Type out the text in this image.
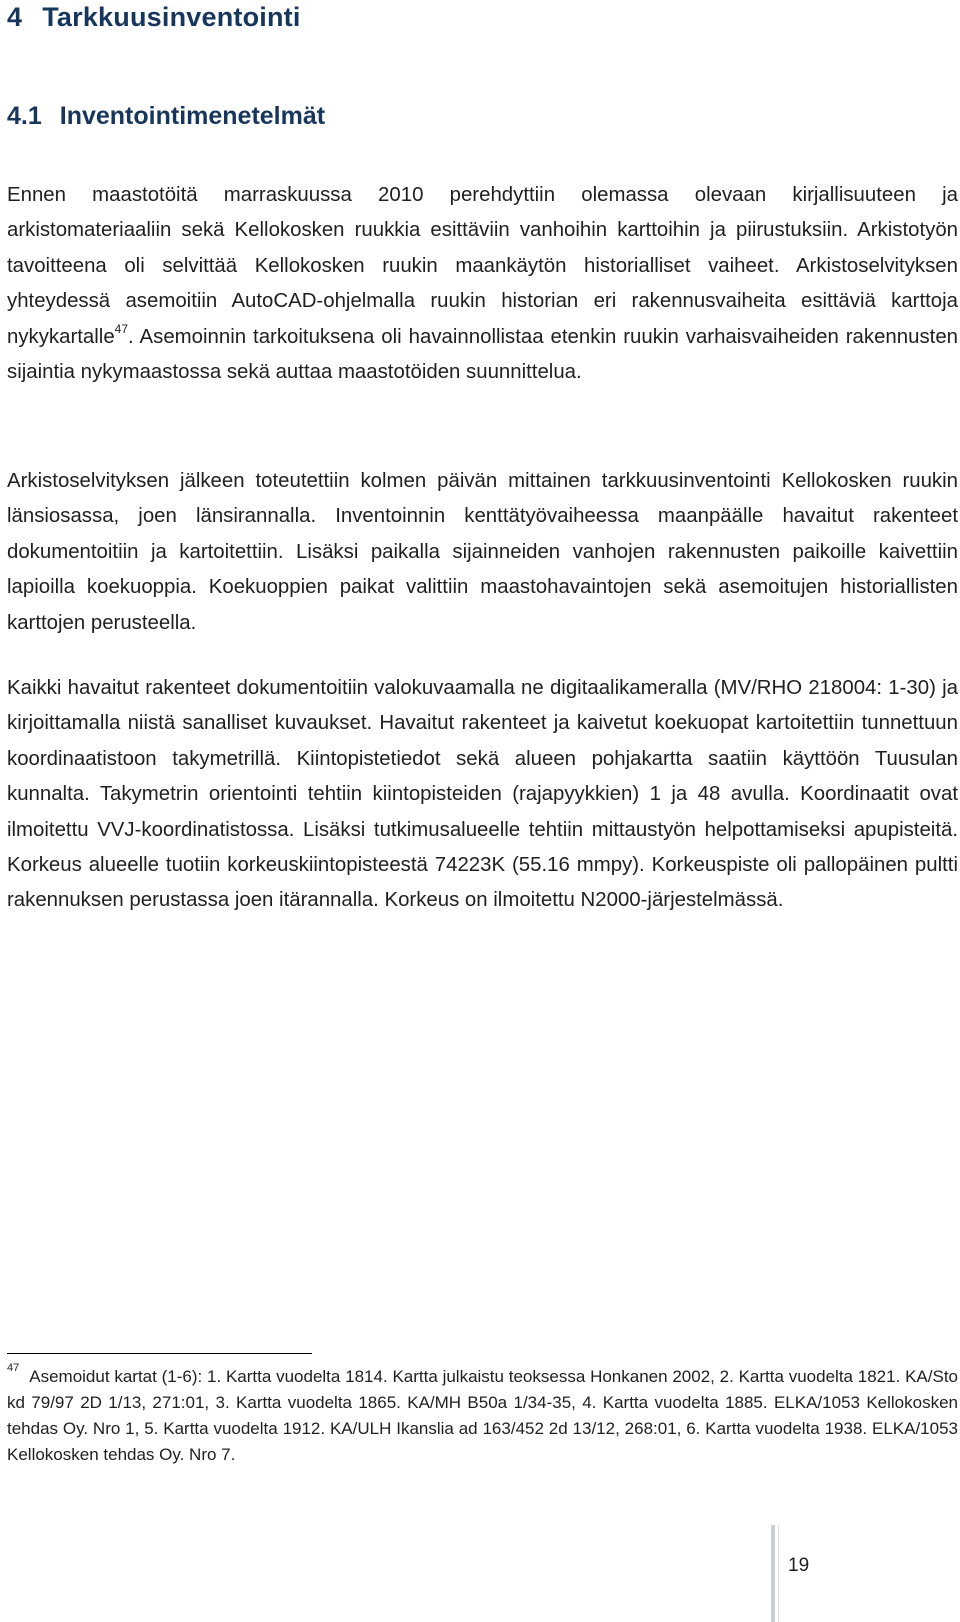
4 Tarkkuusinventointi
4.1 Inventointimenetelmät
Ennen maastotöitä marraskuussa 2010 perehdyttiin olemassa olevaan kirjallisuuteen ja arkistomateriaaliin sekä Kellokosken ruukkia esittäviin vanhoihin karttoihin ja piirustuksiin. Arkistotyön tavoitteena oli selvittää Kellokosken ruukin maankäytön historialliset vaiheet. Arkistoselvityksen yhteydessä asemoitiin AutoCAD-ohjelmalla ruukin historian eri rakennusvaiheita esittäviä karttoja nykykartalle$^{47}$. Asemoinnin tarkoituksena oli havainnollistaa etenkin ruukin varhaisvaiheiden rakennusten sijaintia nykymaastossa sekä auttaa maastotöiden suunnittelua.
Arkistoselvityksen jälkeen toteutettiin kolmen päivän mittainen tarkkuusinventointi Kellokosken ruukin länsiosassa, joen länsirannalla. Inventoinnin kenttätyövaiheessa maanpäälle havaitut rakenteet dokumentoitiin ja kartoitettiin. Lisäksi paikalla sijainneiden vanhojen rakennusten paikoille kaivettiin lapioilla koekuoppia. Koekuoppien paikat valittiin maastohavaintojen sekä asemoitujen historiallisten karttojen perusteella.
Kaikki havaitut rakenteet dokumentoitiin valokuvaamalla ne digitaalikameralla (MV/RHO 218004: 1-30) ja kirjoittamalla niistä sanalliset kuvaukset. Havaitut rakenteet ja kaivetut koekuopat kartoitettiin tunnettuun koordinaatistoon takymetrillä. Kiintopistetiedot sekä alueen pohjakartta saatiin käyttöön Tuusulan kunnalta. Takymetrin orientointi tehtiin kiintopisteiden (rajapyykkien) 1 ja 48 avulla. Koordinaatit ovat ilmoitettu VVJ-koordinatistossa. Lisäksi tutkimusalueelle tehtiin mittaustyön helpottamiseksi apupisteitä. Korkeus alueelle tuotiin korkeuskiintopisteestä 74223K (55.16 mmpy). Korkeuspiste oli pallopäinen pultti rakennuksen perustassa joen itärannalla. Korkeus on ilmoitettu N2000-järjestelmässä.
$^{47}$ Asemoidut kartat (1-6): 1. Kartta vuodelta 1814. Kartta julkaistu teoksessa Honkanen 2002, 2. Kartta vuodelta 1821. KA/Sto kd 79/97 2D 1/13, 271:01, 3. Kartta vuodelta 1865. KA/MH B50a 1/34-35, 4. Kartta vuodelta 1885. ELKA/1053 Kellokosken tehdas Oy. Nro 1, 5. Kartta vuodelta 1912. KA/ULH Ikanslia ad 163/452 2d 13/12, 268:01, 6. Kartta vuodelta 1938. ELKA/1053 Kellokosken tehdas Oy. Nro 7.
19
